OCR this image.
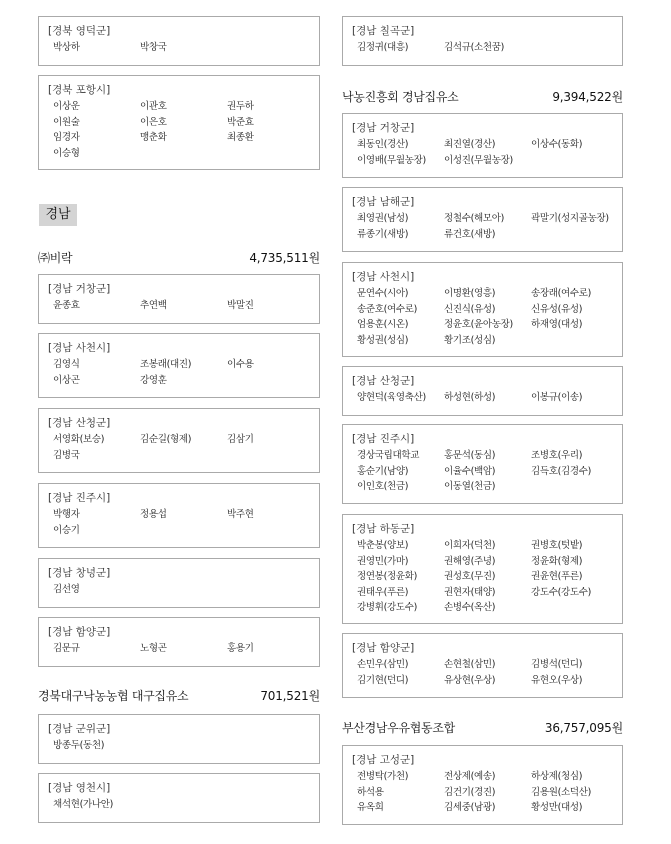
[경북 영덕군]
박상하	박창국
[경북 포항시]
이상운	이관호	권두하
이원술	이은호	박준효
임경자	맹춘화	최종환
이승형
경남
㈜비락	4,735,511원
[경남 거창군]
윤종효	추연백	박말진
[경남 사천시]
김영식	조봉래(대진)	이수용
이상곤	강영훈
[경남 산청군]
서영화(보승)	김순길(형제)	김삼기
김병국
[경남 진주시]
박행자	정용섭	박주현
이승기
[경남 창녕군]
김선영
[경남 함양군]
김문규	노형곤	홍용기
경북대구낙농농협 대구집유소	701,521원
[경남 군위군]
방종두(동천)
[경남 영천시]
채석현(가나안)
[경남 칠곡군]
김정귀(대흥)	김석규(소천꿈)
낙농진흥회 경남집유소	9,394,522원
[경남 거창군]
최동인(경산)	최진열(경산)	이상수(동화)
이영배(무월농장)	이성진(무월농장)
[경남 남해군]
최영권(남성)	정철수(해모아)	곽말기(성지골농장)
류종기(새방)	류건호(새방)
[경남 사천시]
문연수(시아)	이명환(영흥)	송장래(여수로)
송준호(여수로)	신진식(유성)	신유성(유성)
엄용훈(시온)	정윤호(윤아농장)	하재영(대성)
황성권(성심)	황기조(성심)
[경남 산청군]
양현덕(육영축산)	하성현(하성)	이봉규(이송)
[경남 진주시]
경상국립대학교	홍문석(동심)	조병호(우리)
홍순기(남양)	이율수(백암)	김득호(김경수)
이인호(천금)	이동열(천금)
[경남 하동군]
박춘봉(양보)	이희자(덕천)	권병호(텃밭)
권영민(가마)	권해영(주녕)	정윤화(형제)
정연봉(정윤화)	권성호(무진)	권윤현(푸른)
권태우(푸른)	권현자(태양)	강도수(강도수)
강병휘(강도수)	손병수(옥산)
[경남 함양군]
손민우(삼민)	손현철(삼민)	김병석(던디)
김기현(던디)	유상현(우상)	유현오(우상)
부산경남우유협동조합	36,757,095원
[경남 고성군]
전병탁(가천)	전상제(예송)	하상제(청심)
하석용	김건기(경진)	김용원(소덕산)
유옥희	김세중(남광)	황성만(대성)
